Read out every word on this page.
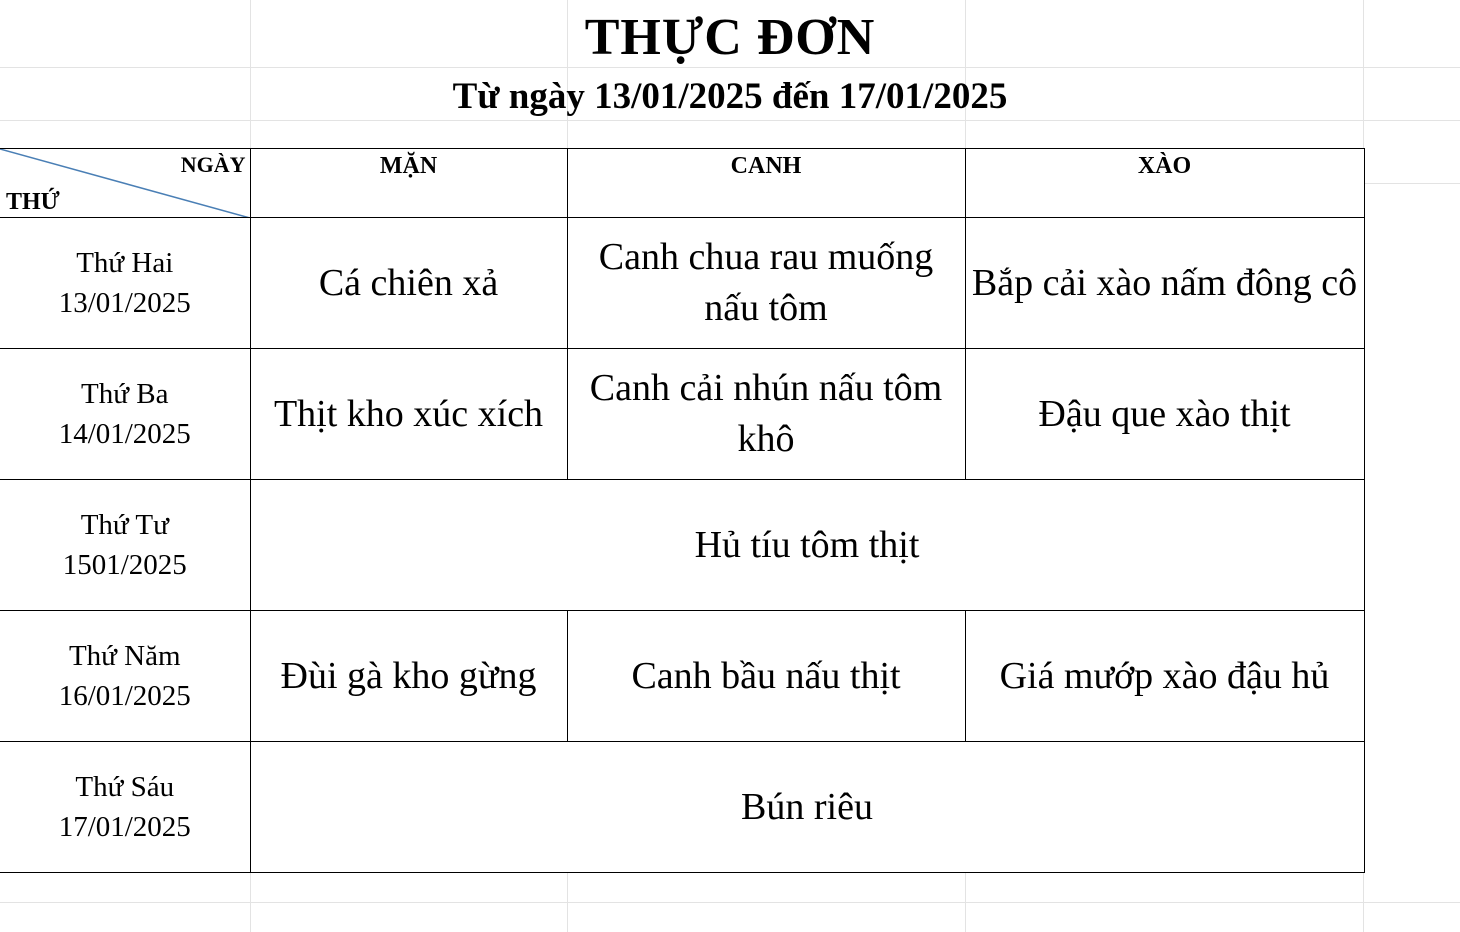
THỰC ĐƠN
Từ ngày 13/01/2025 đến 17/01/2025
NGÀY
THỨ	MẶN	CANH	XÀO

Thứ Hai
13/01/2025	Cá chiên xả	Canh chua rau muống nấu tôm	Bắp cải xào nấm đông cô

Thứ Ba
14/01/2025	Thịt kho xúc xích	Canh cải nhún nấu tôm khô	Đậu que xào thịt

Thứ Tư
1501/2025	Hủ tíu tôm thịt		

Thứ Năm
16/01/2025	Đùi gà kho gừng	Canh bầu nấu thịt	Giá mướp xào đậu hủ

Thứ Sáu
17/01/2025	Bún riêu		
